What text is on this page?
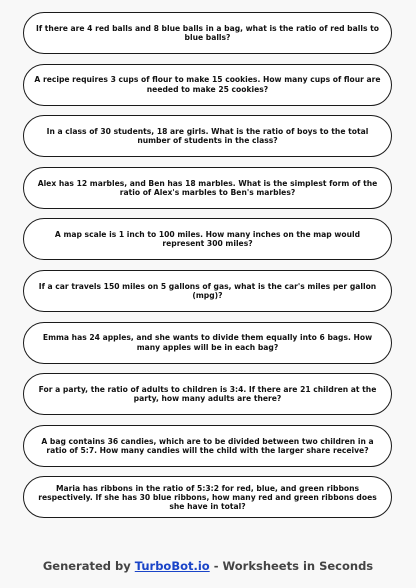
If there are 4 red balls and 8 blue balls in a bag, what is the ratio of red balls to blue balls?
A recipe requires 3 cups of flour to make 15 cookies. How many cups of flour are needed to make 25 cookies?
In a class of 30 students, 18 are girls. What is the ratio of boys to the total number of students in the class?
Alex has 12 marbles, and Ben has 18 marbles. What is the simplest form of the ratio of Alex's marbles to Ben's marbles?
A map scale is 1 inch to 100 miles. How many inches on the map would represent 300 miles?
If a car travels 150 miles on 5 gallons of gas, what is the car's miles per gallon (mpg)?
Emma has 24 apples, and she wants to divide them equally into 6 bags. How many apples will be in each bag?
For a party, the ratio of adults to children is 3:4. If there are 21 children at the party, how many adults are there?
A bag contains 36 candies, which are to be divided between two children in a ratio of 5:7. How many candies will the child with the larger share receive?
Maria has ribbons in the ratio of 5:3:2 for red, blue, and green ribbons respectively. If she has 30 blue ribbons, how many red and green ribbons does she have in total?
Generated by TurboBot.io - Worksheets in Seconds
